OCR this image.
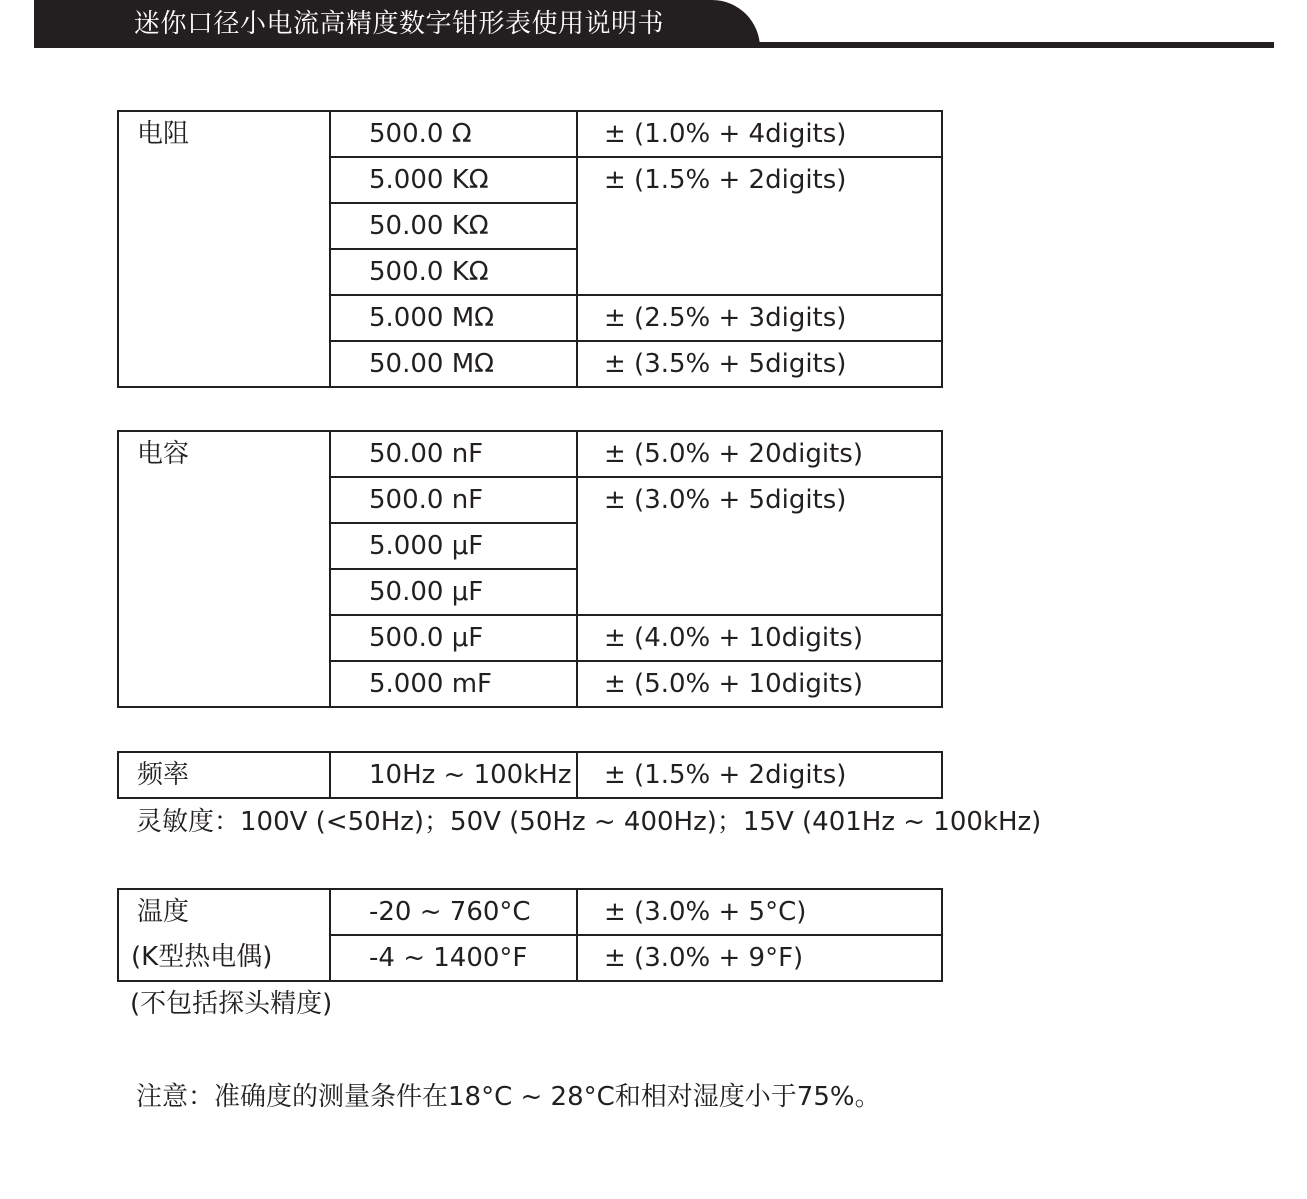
迷你口径小电流高精度数字钳形表使用说明书
电阻	500.0 Ω	± (1.0% + 4digits)
	5.000 KΩ	± (1.5% + 2digits)
	50.00 KΩ	
	500.0 KΩ	
	5.000 MΩ	± (2.5% + 3digits)
	50.00 MΩ	± (3.5% + 5digits)
电容	50.00 nF	± (5.0% + 20digits)
	500.0 nF	± (3.0% + 5digits)
	5.000 μF	
	50.00 μF	
	500.0 μF	± (4.0% + 10digits)
	5.000 mF	± (5.0% + 10digits)
频率	10Hz ~ 100kHz	± (1.5% + 2digits)
灵敏度：100V (<50Hz)；50V (50Hz ~ 400Hz)；15V (401Hz ~ 100kHz)
温度	-20 ~ 760°C	± (3.0% + 5°C)
(K型热电偶)	-4 ~ 1400°F	± (3.0% + 9°F)
(不包括探头精度)
注意：准确度的测量条件在18°C ~ 28°C和相对湿度小于75%。
